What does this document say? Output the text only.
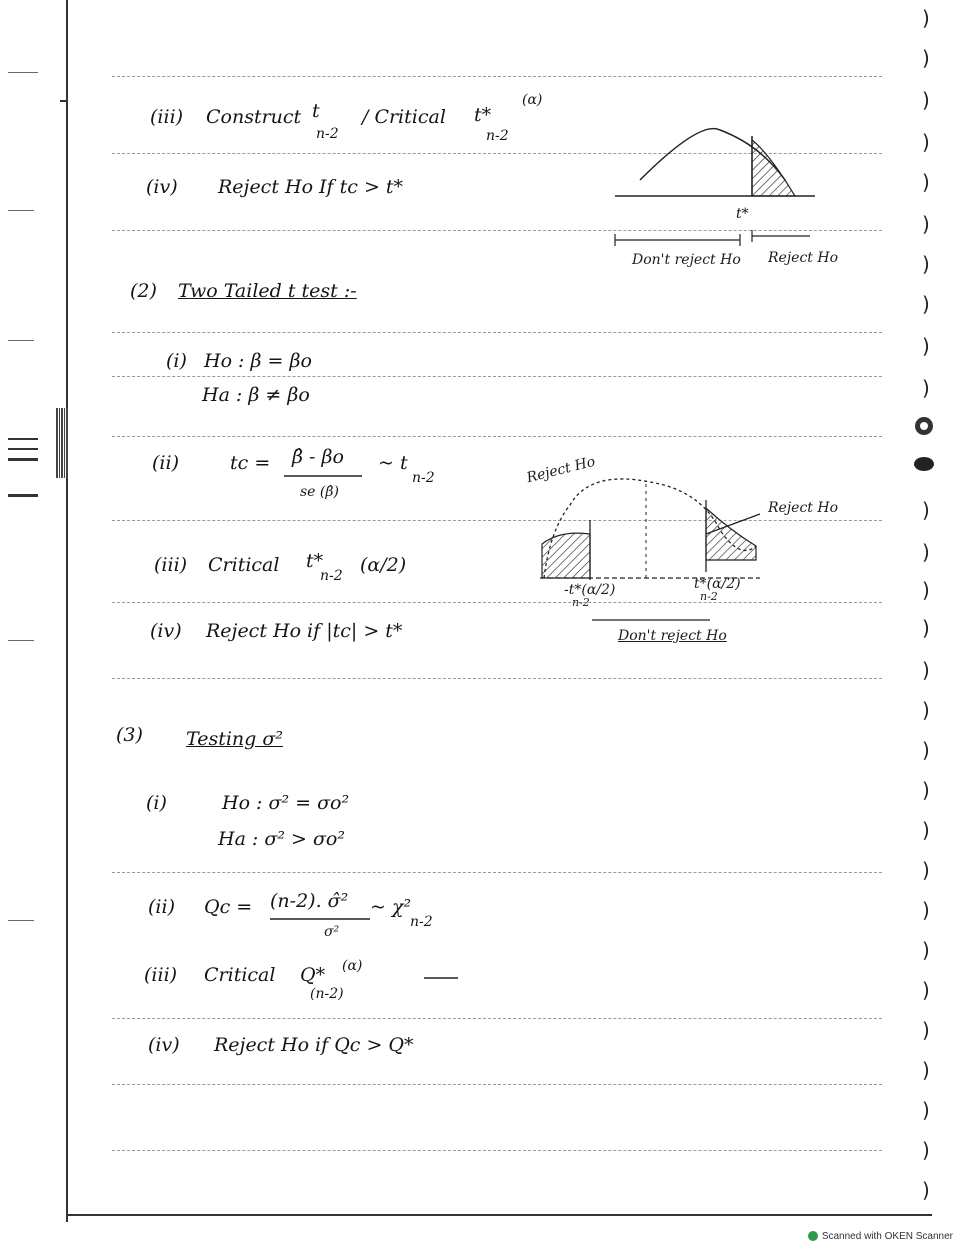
)
)
)
)
)
)
)
)
)
)
)
)
)
)
)
)
)
)
)
)
)
)
)
)
)
)
)
)
(iii) Construct t
n-2
/ Critical t*
n-2
(α)
(iv) Reject Ho If tc > t*
t*
Don't reject Ho Reject Ho
(2) Two Tailed t test :-
(i) Ho : β = βo
Ha : β ≠ βo
(ii)	tc = β̂ - βo
se (β̂)
~ t
n-2
(iii) Critical t*
n-2 (α/2)
(iv) Reject Ho if |tc| > t*
Reject Ho
Reject Ho
-t*(α/2)
n-2
t*(α/2)
n-2
Don't reject Ho
(3) Testing σ²
(i)	Ho : σ² = σo²
Ha : σ² > σo²
(ii) Qc = (n-2). σ̂²
σ²
~ χ²
n-2
(iii) Critical Q*
(n-2)
(α)
(iv) Reject Ho if Qc > Q*
Scanned with OKEN Scanner
